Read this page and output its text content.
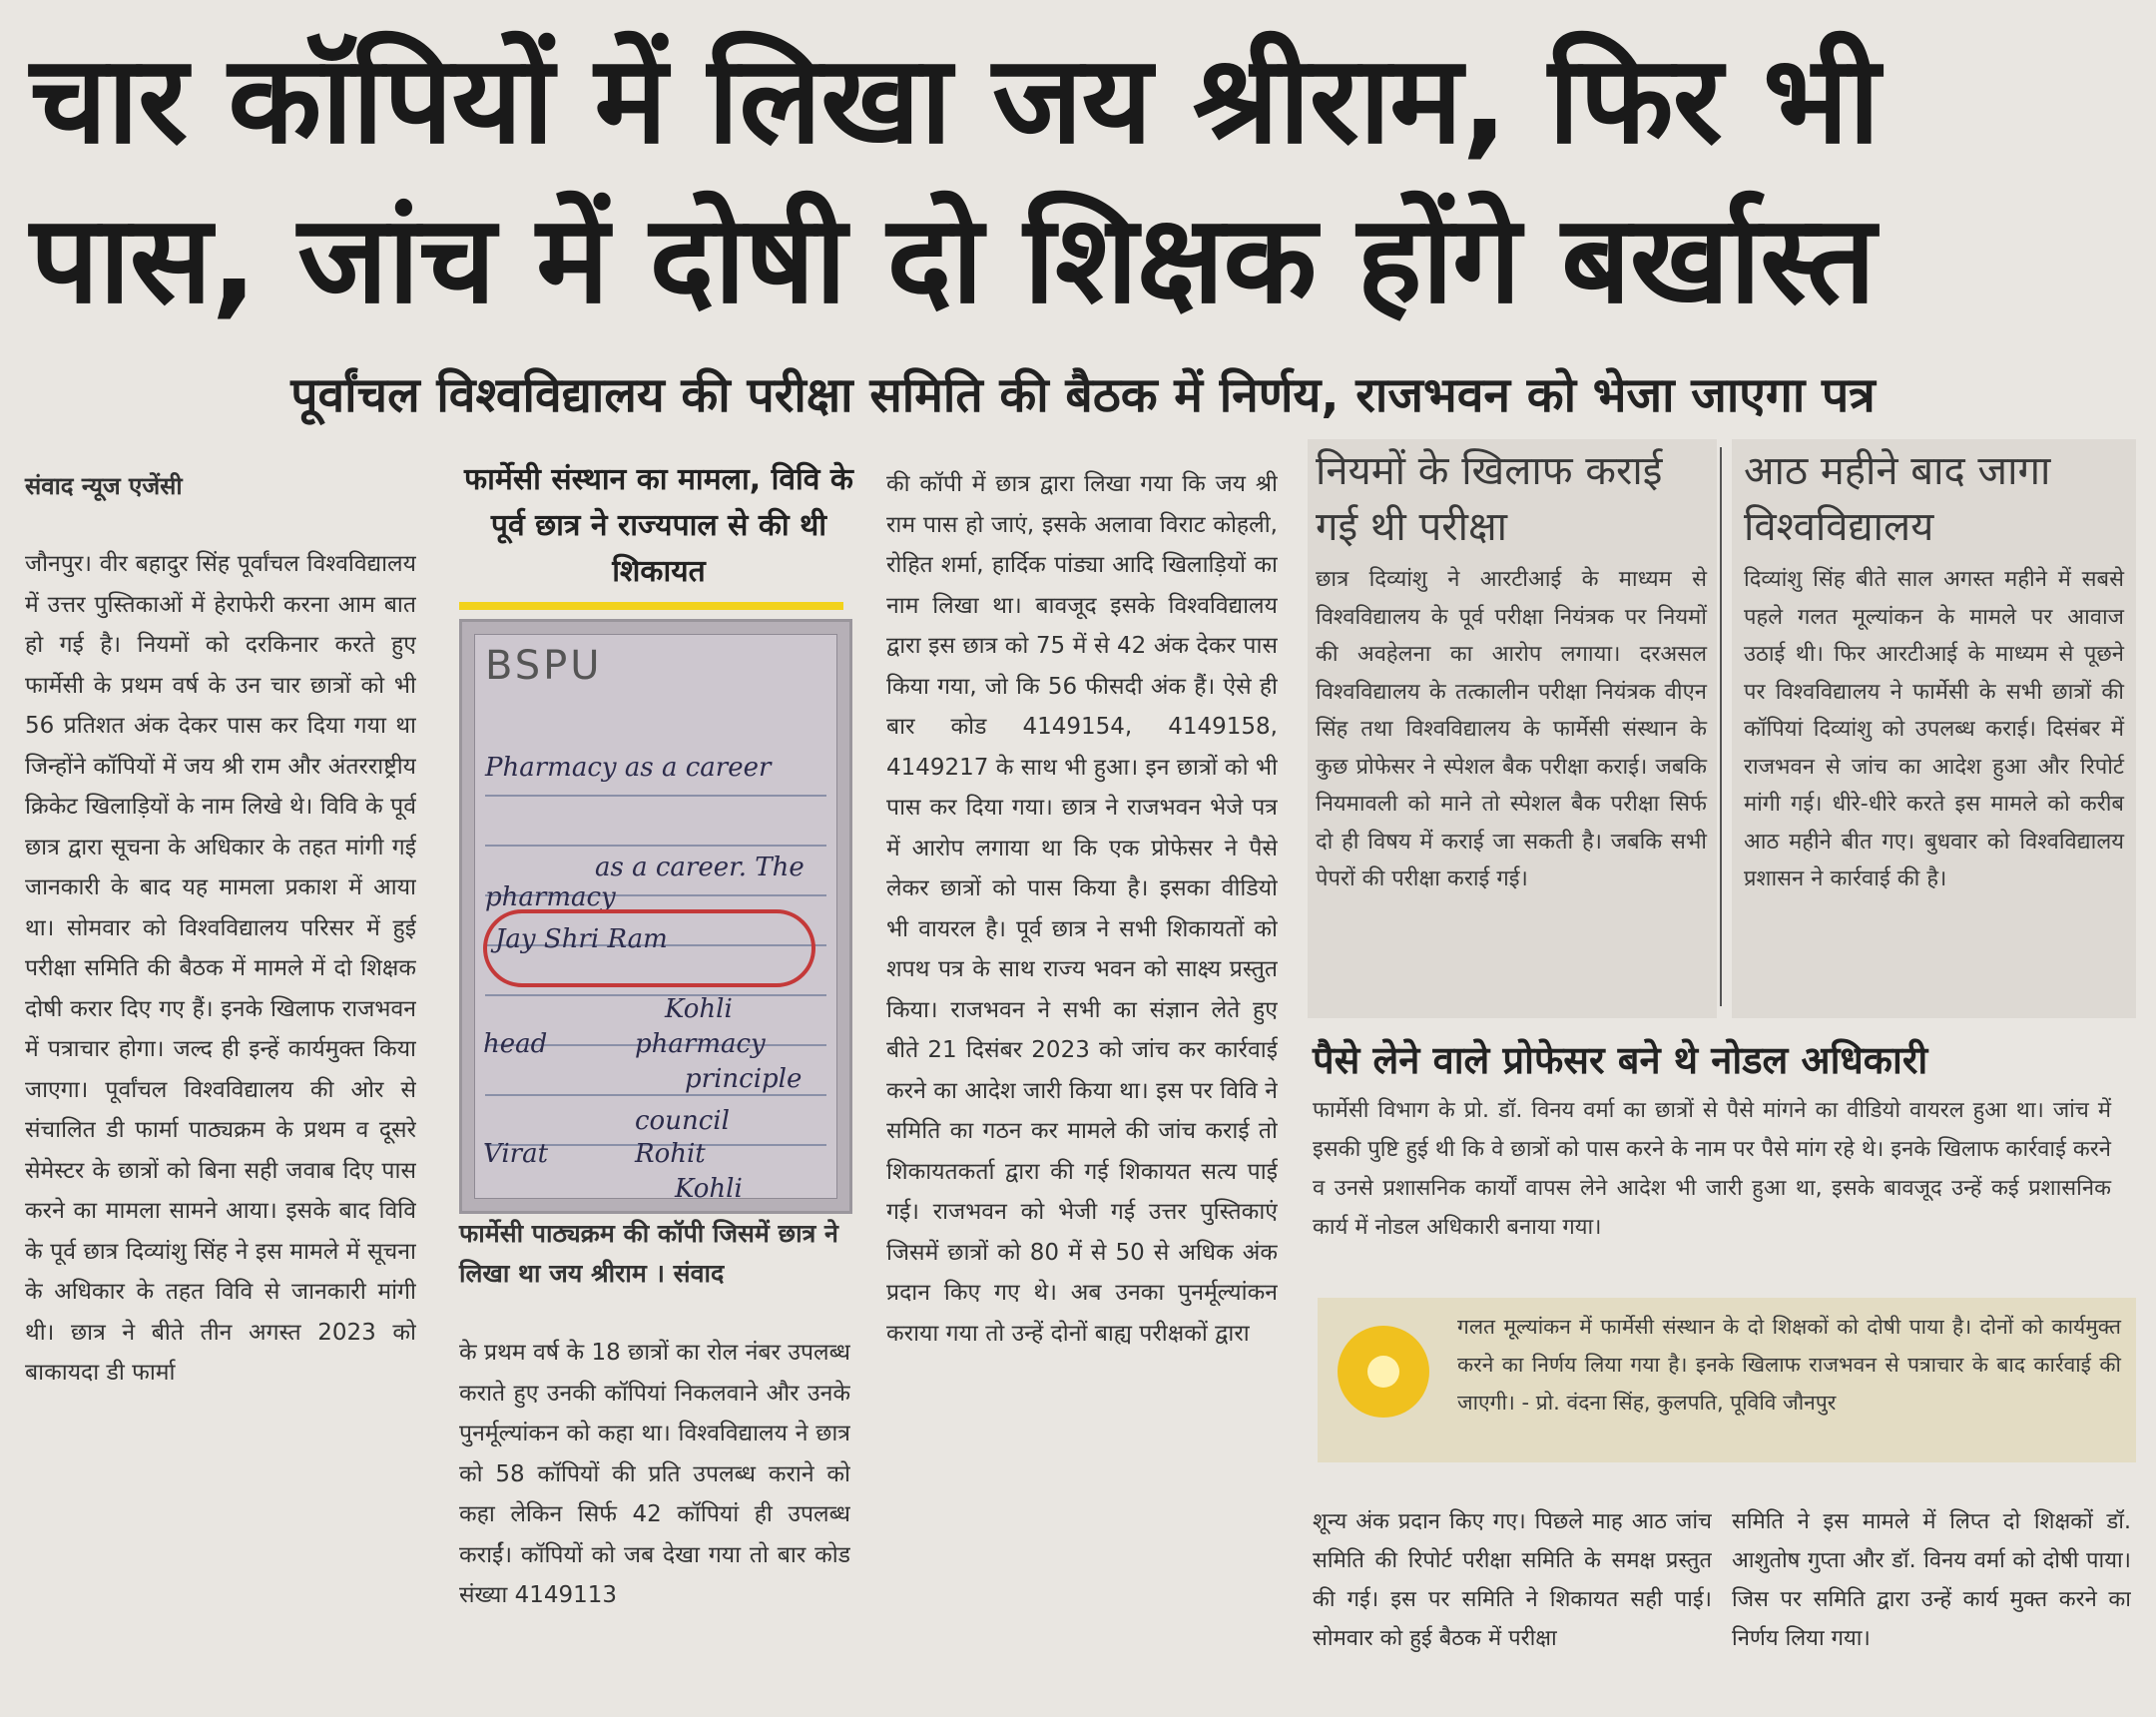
चार कॉपियों में लिखा जय श्रीराम, फिर भी पास, जांच में दोषी दो शिक्षक होंगे बर्खास्त
पूर्वांचल विश्वविद्यालय की परीक्षा समिति की बैठक में निर्णय, राजभवन को भेजा जाएगा पत्र
संवाद न्यूज एजेंसी
जौनपुर। वीर बहादुर सिंह पूर्वांचल विश्वविद्यालय में उत्तर पुस्तिकाओं में हेराफेरी करना आम बात हो गई है। नियमों को दरकिनार करते हुए फार्मेसी के प्रथम वर्ष के उन चार छात्रों को भी 56 प्रतिशत अंक देकर पास कर दिया गया था जिन्होंने कॉपियों में जय श्री राम और अंतरराष्ट्रीय क्रिकेट खिलाड़ियों के नाम लिखे थे। विवि के पूर्व छात्र द्वारा सूचना के अधिकार के तहत मांगी गई जानकारी के बाद यह मामला प्रकाश में आया था। सोमवार को विश्वविद्यालय परिसर में हुई परीक्षा समिति की बैठक में मामले में दो शिक्षक दोषी करार दिए गए हैं। इनके खिलाफ राजभवन में पत्राचार होगा। जल्द ही इन्हें कार्यमुक्त किया जाएगा। पूर्वांचल विश्वविद्यालय की ओर से संचालित डी फार्मा पाठ्यक्रम के प्रथम व दूसरे सेमेस्टर के छात्रों को बिना सही जवाब दिए पास करने का मामला सामने आया। इसके बाद विवि के पूर्व छात्र दिव्यांशु सिंह ने इस मामले में सूचना के अधिकार के तहत विवि से जानकारी मांगी थी। छात्र ने बीते तीन अगस्त 2023 को बाकायदा डी फार्मा
फार्मेसी संस्थान का मामला, विवि के पूर्व छात्र ने राज्यपाल से की थी शिकायत
BSPU
Pharmacy as a career
as a career. The
pharmacy
Jay Shri Ram
Kohli
pharmacy
principle
head
council
Virat	Rohit
Kohli
फार्मेसी पाठ्यक्रम की कॉपी जिसमें छात्र ने लिखा था जय श्रीराम । संवाद
के प्रथम वर्ष के 18 छात्रों का रोल नंबर उपलब्ध कराते हुए उनकी कॉपियां निकलवाने और उनके पुनर्मूल्यांकन को कहा था। विश्वविद्यालय ने छात्र को 58 कॉपियों की प्रति उपलब्ध कराने को कहा लेकिन सिर्फ 42 कॉपियां ही उपलब्ध कराईं। कॉपियों को जब देखा गया तो बार कोड संख्या 4149113
की कॉपी में छात्र द्वारा लिखा गया कि जय श्री राम पास हो जाएं, इसके अलावा विराट कोहली, रोहित शर्मा, हार्दिक पांड्या आदि खिलाड़ियों का नाम लिखा था। बावजूद इसके विश्वविद्यालय द्वारा इस छात्र को 75 में से 42 अंक देकर पास किया गया, जो कि 56 फीसदी अंक हैं। ऐसे ही बार कोड 4149154, 4149158, 4149217 के साथ भी हुआ। इन छात्रों को भी पास कर दिया गया। छात्र ने राजभवन भेजे पत्र में आरोप लगाया था कि एक प्रोफेसर ने पैसे लेकर छात्रों को पास किया है। इसका वीडियो भी वायरल है। पूर्व छात्र ने सभी शिकायतों को शपथ पत्र के साथ राज्य भवन को साक्ष्य प्रस्तुत किया। राजभवन ने सभी का संज्ञान लेते हुए बीते 21 दिसंबर 2023 को जांच कर कार्रवाई करने का आदेश जारी किया था। इस पर विवि ने समिति का गठन कर मामले की जांच कराई तो शिकायतकर्ता द्वारा की गई शिकायत सत्य पाई गई। राजभवन को भेजी गई उत्तर पुस्तिकाएं जिसमें छात्रों को 80 में से 50 से अधिक अंक प्रदान किए गए थे। अब उनका पुनर्मूल्यांकन कराया गया तो उन्हें दोनों बाह्य परीक्षकों द्वारा
नियमों के खिलाफ कराई गई थी परीक्षा
छात्र दिव्यांशु ने आरटीआई के माध्यम से विश्वविद्यालय के पूर्व परीक्षा नियंत्रक पर नियमों की अवहेलना का आरोप लगाया। दरअसल विश्वविद्यालय के तत्कालीन परीक्षा नियंत्रक वीएन सिंह तथा विश्वविद्यालय के फार्मेसी संस्थान के कुछ प्रोफेसर ने स्पेशल बैक परीक्षा कराई। जबकि नियमावली को माने तो स्पेशल बैक परीक्षा सिर्फ दो ही विषय में कराई जा सकती है। जबकि सभी पेपरों की परीक्षा कराई गई।
आठ महीने बाद जागा विश्वविद्यालय
दिव्यांशु सिंह बीते साल अगस्त महीने में सबसे पहले गलत मूल्यांकन के मामले पर आवाज उठाई थी। फिर आरटीआई के माध्यम से पूछने पर विश्वविद्यालय ने फार्मेसी के सभी छात्रों की कॉपियां दिव्यांशु को उपलब्ध कराई। दिसंबर में राजभवन से जांच का आदेश हुआ और रिपोर्ट मांगी गई। धीरे-धीरे करते इस मामले को करीब आठ महीने बीत गए। बुधवार को विश्वविद्यालय प्रशासन ने कार्रवाई की है।
पैसे लेने वाले प्रोफेसर बने थे नोडल अधिकारी
फार्मेसी विभाग के प्रो. डॉ. विनय वर्मा का छात्रों से पैसे मांगने का वीडियो वायरल हुआ था। जांच में इसकी पुष्टि हुई थी कि वे छात्रों को पास करने के नाम पर पैसे मांग रहे थे। इनके खिलाफ कार्रवाई करने व उनसे प्रशासनिक कार्यों वापस लेने आदेश भी जारी हुआ था, इसके बावजूद उन्हें कई प्रशासनिक कार्य में नोडल अधिकारी बनाया गया।
गलत मूल्यांकन में फार्मेसी संस्थान के दो शिक्षकों को दोषी पाया है। दोनों को कार्यमुक्त करने का निर्णय लिया गया है। इनके खिलाफ राजभवन से पत्राचार के बाद कार्रवाई की जाएगी। - प्रो. वंदना सिंह, कुलपति, पूविवि जौनपुर
शून्य अंक प्रदान किए गए। पिछले माह आठ जांच समिति की रिपोर्ट परीक्षा समिति के समक्ष प्रस्तुत की गई। इस पर समिति ने शिकायत सही पाई। सोमवार को हुई बैठक में परीक्षा
समिति ने इस मामले में लिप्त दो शिक्षकों डॉ. आशुतोष गुप्ता और डॉ. विनय वर्मा को दोषी पाया। जिस पर समिति द्वारा उन्हें कार्य मुक्त करने का निर्णय लिया गया।
